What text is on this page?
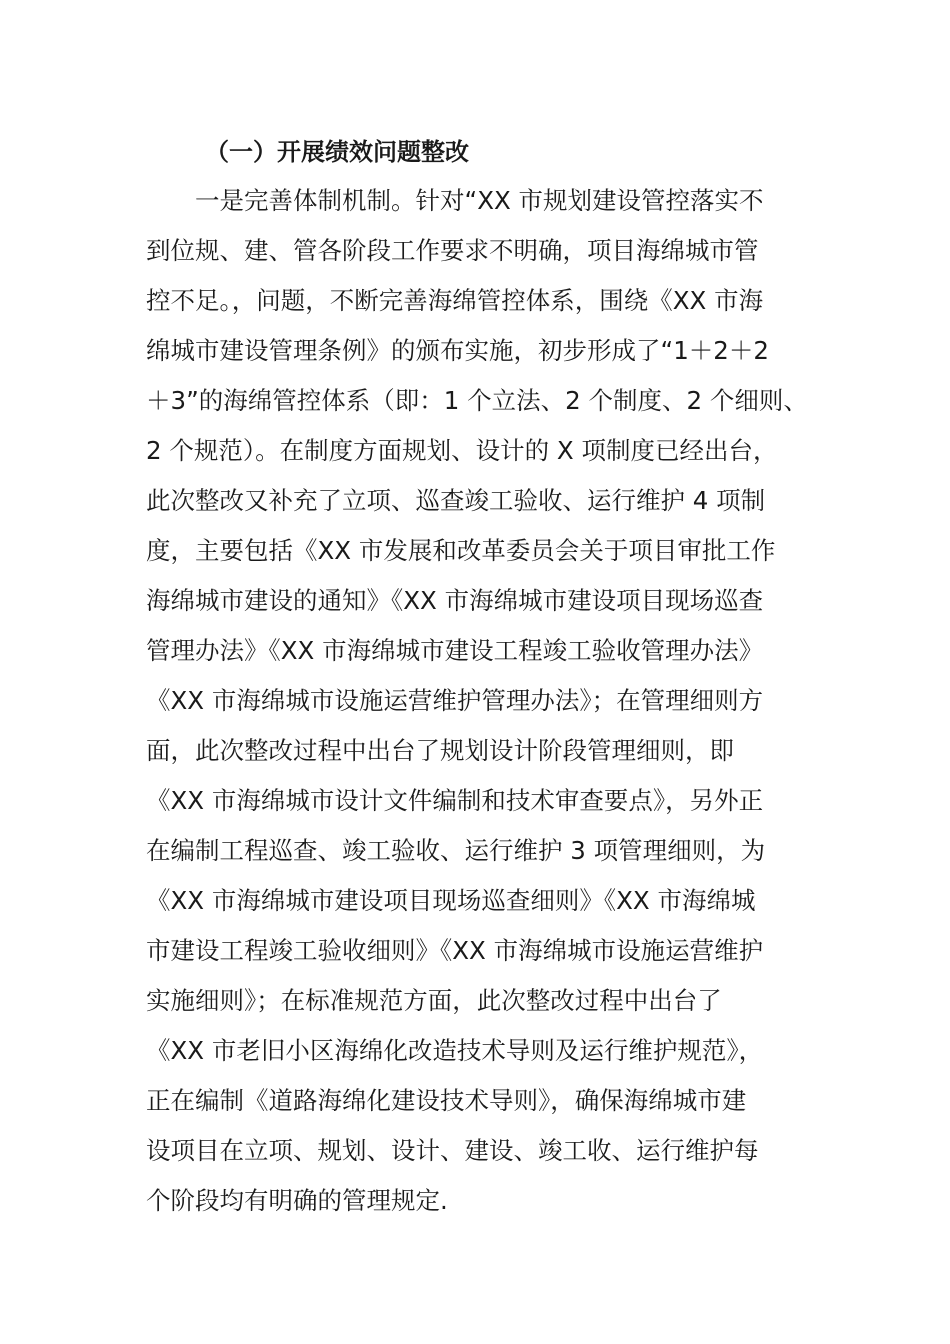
（一）开展绩效问题整改
一是完善体制机制。针对“XX 市规划建设管控落实不
到位规、建、管各阶段工作要求不明确，项目海绵城市管
控不足。，问题，不断完善海绵管控体系，围绕《XX 市海
绵城市建设管理条例》的颁布实施，初步形成了“1＋2＋2
＋3”的海绵管控体系（即：1 个立法、2 个制度、2 个细则、
2 个规范）。在制度方面规划、设计的 X 项制度已经出台，
此次整改又补充了立项、巡查竣工验收、运行维护 4 项制
度，主要包括《XX 市发展和改革委员会关于项目审批工作
海绵城市建设的通知》《XX 市海绵城市建设项目现场巡查
管理办法》《XX 市海绵城市建设工程竣工验收管理办法》
《XX 市海绵城市设施运营维护管理办法》；在管理细则方
面，此次整改过程中出台了规划设计阶段管理细则，即
《XX 市海绵城市设计文件编制和技术审查要点》，另外正
在编制工程巡查、竣工验收、运行维护 3 项管理细则，为
《XX 市海绵城市建设项目现场巡查细则》《XX 市海绵城
市建设工程竣工验收细则》《XX 市海绵城市设施运营维护
实施细则》；在标准规范方面，此次整改过程中出台了
《XX 市老旧小区海绵化改造技术导则及运行维护规范》，
正在编制《道路海绵化建设技术导则》，确保海绵城市建
设项目在立项、规划、设计、建设、竣工收、运行维护每
个阶段均有明确的管理规定.
